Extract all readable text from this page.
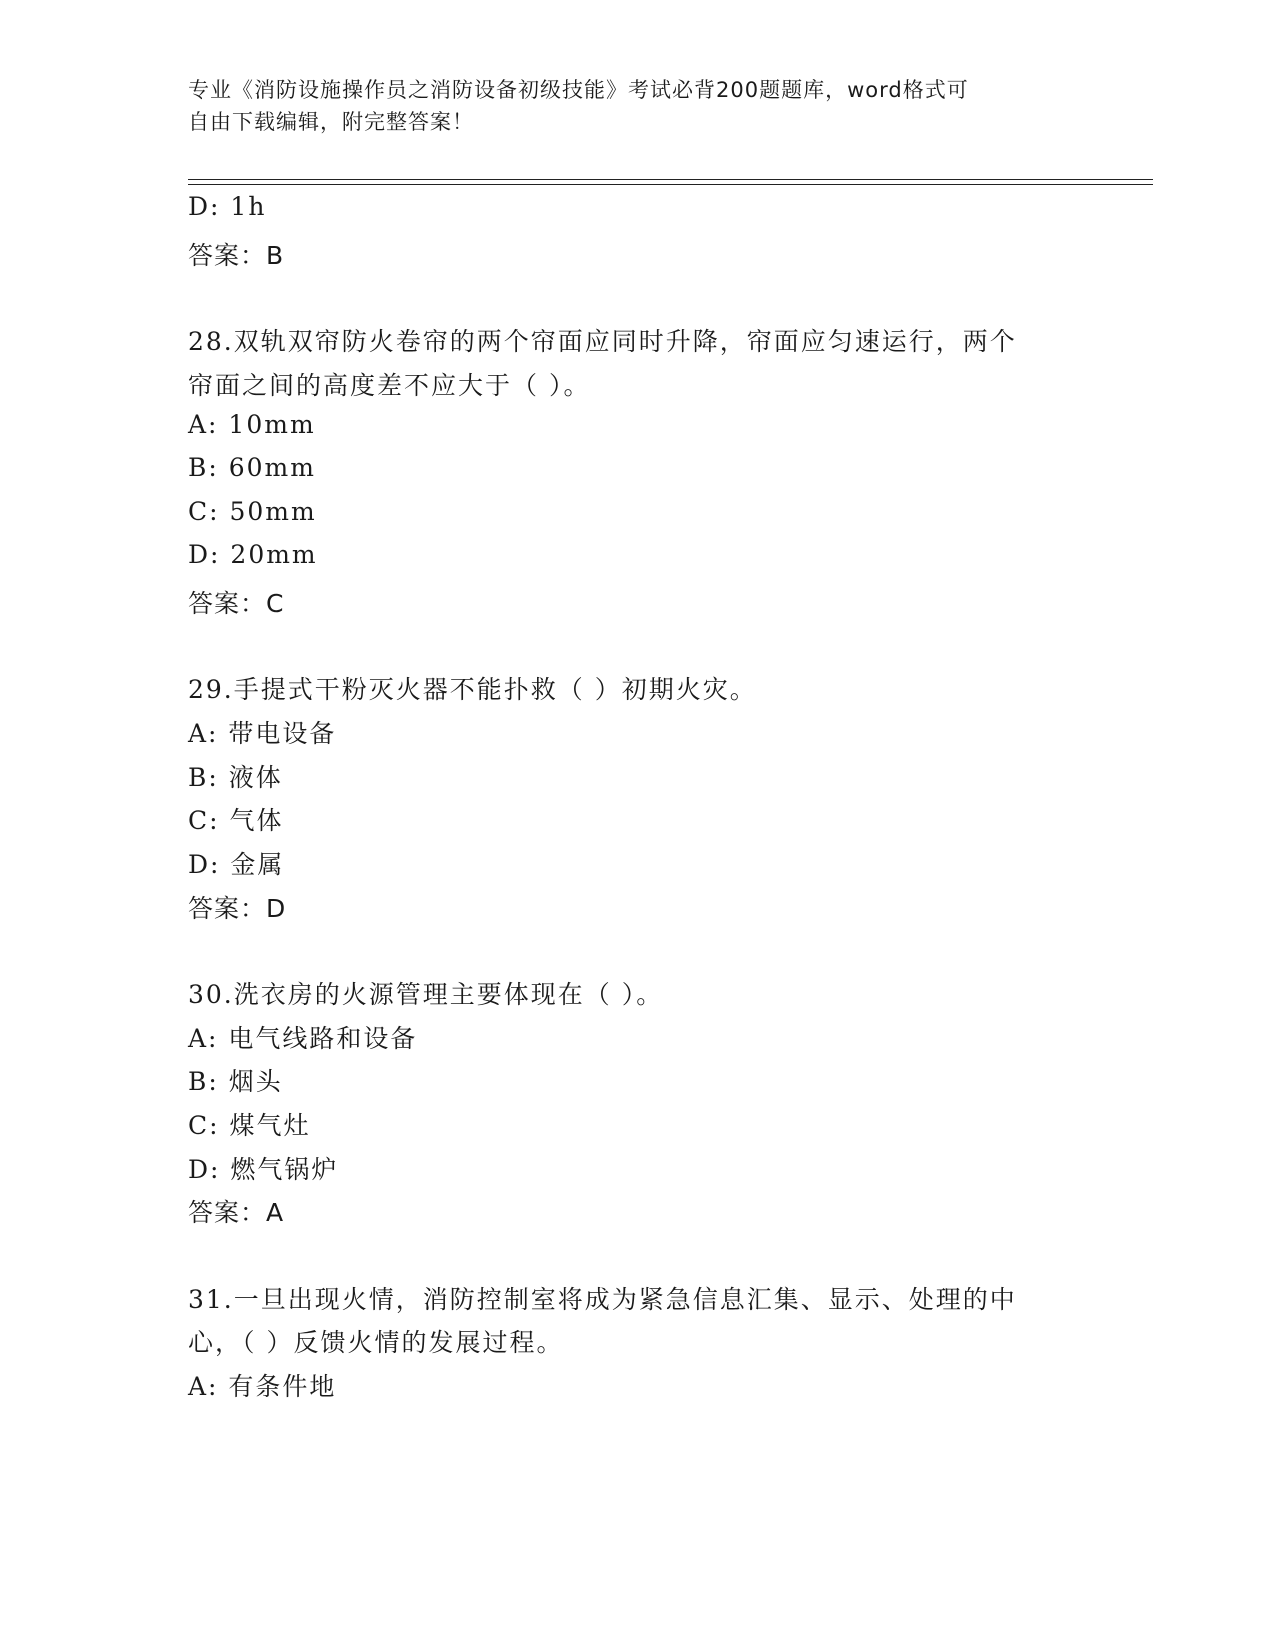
专业《消防设施操作员之消防设备初级技能》考试必背200题题库，word格式可
自由下载编辑，附完整答案！
D: 1h
答案：B
28.双轨双帘防火卷帘的两个帘面应同时升降，帘面应匀速运行，两个
帘面之间的高度差不应大于（ ）。
A: 10mm
B: 60mm
C: 50mm
D: 20mm
答案：C
29.手提式干粉灭火器不能扑救（ ）初期火灾。
A: 带电设备
B: 液体
C: 气体
D: 金属
答案：D
30.洗衣房的火源管理主要体现在（ ）。
A: 电气线路和设备
B: 烟头
C: 煤气灶
D: 燃气锅炉
答案：A
31.一旦出现火情，消防控制室将成为紧急信息汇集、显示、处理的中
心，（ ）反馈火情的发展过程。
A: 有条件地
